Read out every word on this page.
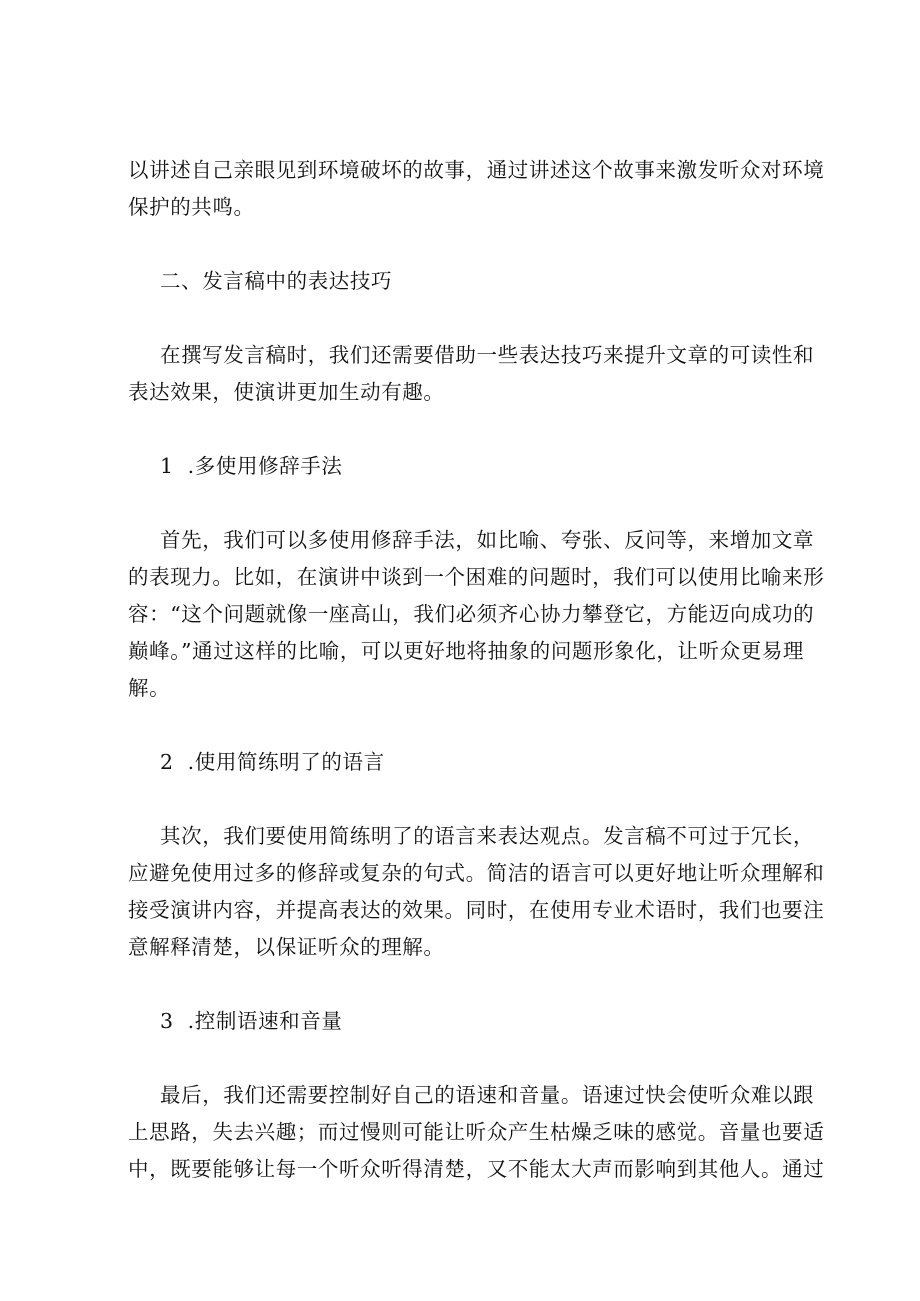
以讲述自己亲眼见到环境破坏的故事，通过讲述这个故事来激发听众对环境
保护的共鸣。

二、发言稿中的表达技巧

在撰写发言稿时，我们还需要借助一些表达技巧来提升文章的可读性和
表达效果，使演讲更加生动有趣。

1 .多使用修辞手法

首先，我们可以多使用修辞手法，如比喻、夸张、反问等，来增加文章
的表现力。比如，在演讲中谈到一个困难的问题时，我们可以使用比喻来形
容：“这个问题就像一座高山，我们必须齐心协力攀登它，方能迈向成功的
巅峰。”通过这样的比喻，可以更好地将抽象的问题形象化，让听众更易理
解。

2 .使用简练明了的语言

其次，我们要使用简练明了的语言来表达观点。发言稿不可过于冗长，
应避免使用过多的修辞或复杂的句式。简洁的语言可以更好地让听众理解和
接受演讲内容，并提高表达的效果。同时，在使用专业术语时，我们也要注
意解释清楚，以保证听众的理解。

3 .控制语速和音量

最后，我们还需要控制好自己的语速和音量。语速过快会使听众难以跟
上思路，失去兴趣；而过慢则可能让听众产生枯燥乏味的感觉。音量也要适
中，既要能够让每一个听众听得清楚，又不能太大声而影响到其他人。通过
